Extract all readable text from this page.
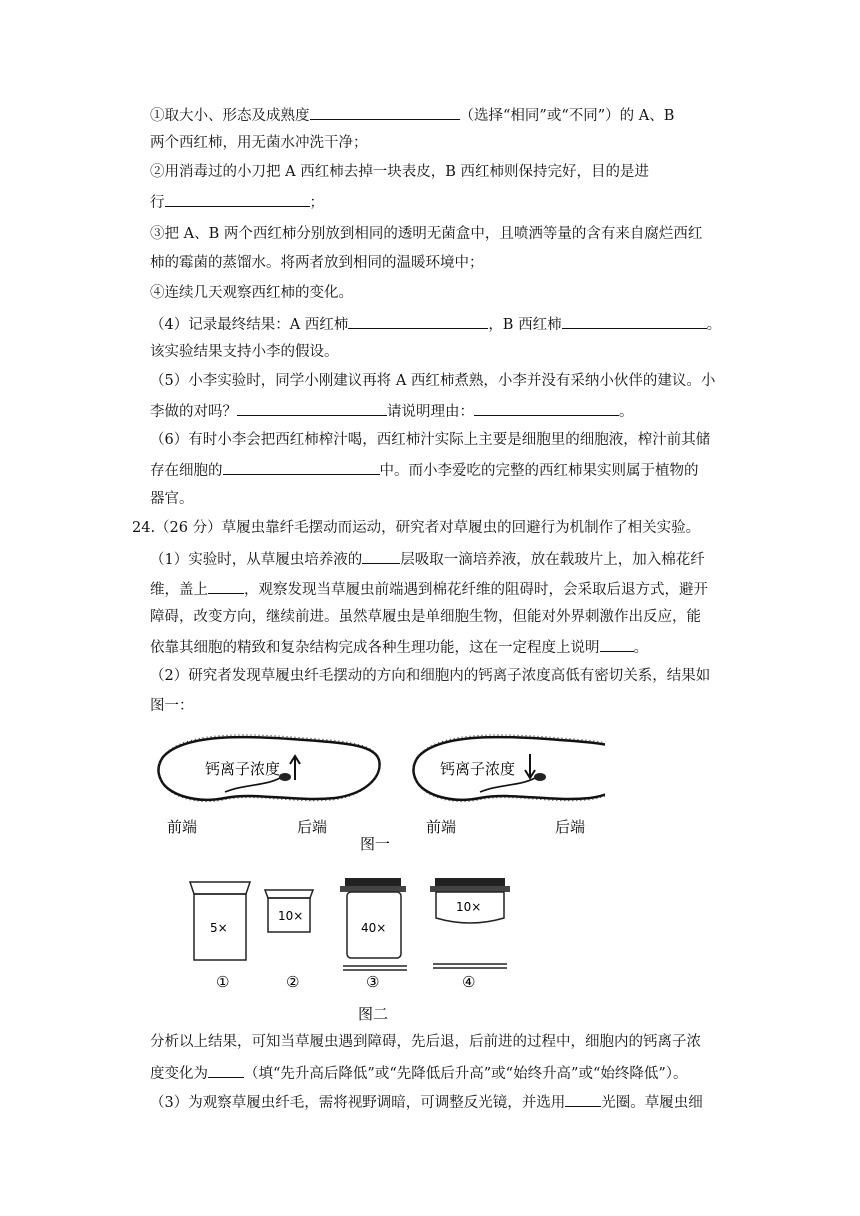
①取大小、形态及成熟度	（选择“相同”或“不同”）的 A、B
两个西红柿，用无菌水冲洗干净；
②用消毒过的小刀把 A 西红柿去掉一块表皮，B 西红柿则保持完好，目的是进
行	；
③把 A、B 两个西红柿分别放到相同的透明无菌盒中，且喷洒等量的含有来自腐烂西红
柿的霉菌的蒸馏水。将两者放到相同的温暖环境中；
④连续几天观察西红柿的变化。
（4）记录最终结果：A 西红柿	，B 西红柿	。
该实验结果支持小李的假设。
（5）小李实验时，同学小刚建议再将 A 西红柿煮熟，小李并没有采纳小伙伴的建议。小
李做的对吗？	请说明理由：	。
（6）有时小李会把西红柿榨汁喝，西红柿汁实际上主要是细胞里的细胞液，榨汁前其储
存在细胞的	中。而小李爱吃的完整的西红柿果实则属于植物的
器官。
24.（26 分）草履虫靠纤毛摆动而运动，研究者对草履虫的回避行为机制作了相关实验。
（1）实验时，从草履虫培养液的	层吸取一滴培养液，放在载玻片上，加入棉花纤
维，盖上 ，观察发现当草履虫前端遇到棉花纤维的阻碍时，会采取后退方式，避开
障碍，改变方向，继续前进。虽然草履虫是单细胞生物，但能对外界刺激作出反应，能
依靠其细胞的精致和复杂结构完成各种生理功能，这在一定程度上说明 。
（2）研究者发现草履虫纤毛摆动的方向和细胞内的钙离子浓度高低有密切关系，结果如
图一：
钙离子浓度
前端	后端
钙离子浓度
前端	后端
图一
5×
①
10×
②
40×
③
10×
④
图二
分析以上结果，可知当草履虫遇到障碍，先后退，后前进的过程中，细胞内的钙离子浓
度变化为 （填“先升高后降低”或“先降低后升高”或“始终升高”或“始终降低”）。
（3）为观察草履虫纤毛，需将视野调暗，可调整反光镜，并选用 光圈。草履虫细
